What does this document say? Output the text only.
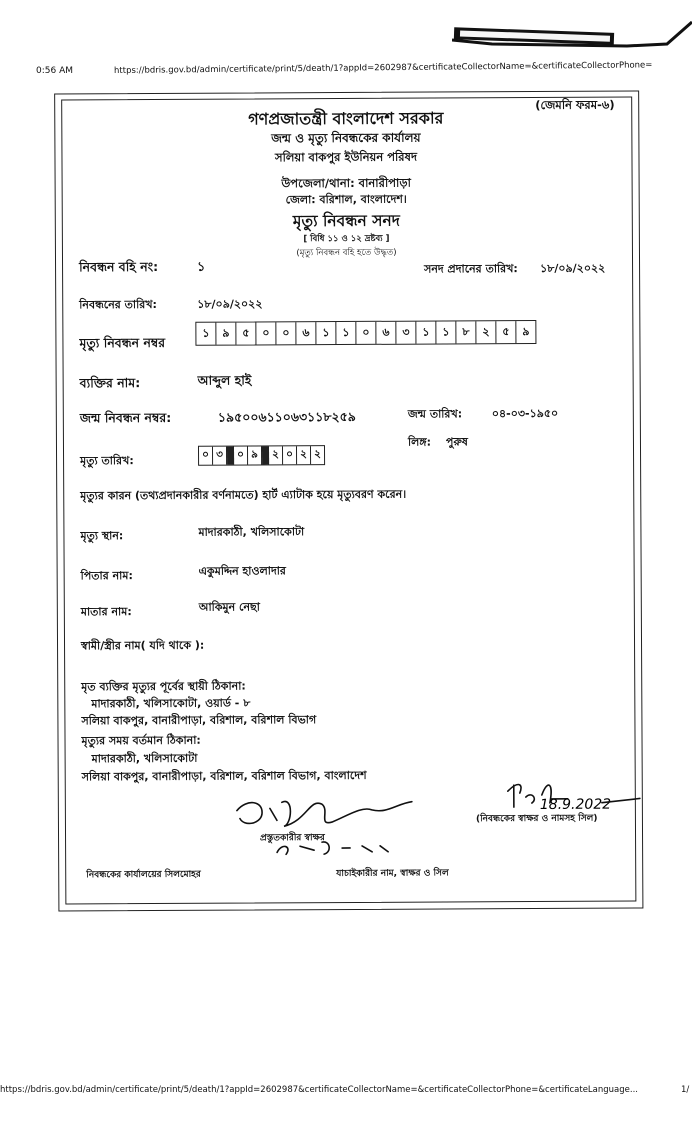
0:56 AM	https://bdris.gov.bd/admin/certificate/print/5/death/1?appId=2602987&certificateCollectorName=&certificateCollectorPhone=
(জেমনি ফরম-৬)
গণপ্রজাতন্ত্রী বাংলাদেশ সরকার
জন্ম ও মৃত্যু নিবন্ধকের কার্যালয়
সলিয়া বাকপুর ইউনিয়ন পরিষদ
উপজেলা/থানা: বানারীপাড়া
জেলা: বরিশাল, বাংলাদেশ।
মৃত্যু নিবন্ধন সনদ
[ বিধি ১১ ও ১২ দ্রষ্টব্য ]
(মৃত্যু নিবন্ধন বহি হতে উদ্ধৃত)
নিবন্ধন বহি নং:	১	সনদ প্রদানের তারিখ: ১৮/০৯/২০২২
নিবন্ধনের তারিখ:	১৮/০৯/২০২২
মৃত্যু নিবন্ধন নম্বর
১	৯	৫	০	০	৬	১	১	০	৬	৩	১	১	৮	২	৫	৯
ব্যক্তির নাম:	আব্দুল হাই
জন্ম নিবন্ধন নম্বর:	১৯৫০০৬১১০৬৩১১৮২৫৯	জন্ম তারিখ:	০৪-০৩-১৯৫০
লিঙ্গ: পুরুষ
মৃত্যু তারিখ:	০ ৩	০ ৯	২ ০ ২ ২
মৃত্যুর কারন (তথ্যপ্রদানকারীর বর্ণনামতে) হার্ট এ্যাটাক হয়ে মৃত্যুবরণ করেন।
মৃত্যু স্থান:	মাদারকাঠী, খলিসাকোটা
পিতার নাম:	একুমদ্দিন হাওলাদার
মাতার নাম:	আকিমুন নেছা
স্বামী/স্ত্রীর নাম( যদি থাকে ):
মৃত ব্যক্তির মৃত্যুর পূর্বের স্থায়ী ঠিকানা:
মাদারকাঠী, খলিসাকোটা, ওয়ার্ড - ৮
সলিয়া বাকপুর, বানারীপাড়া, বরিশাল, বরিশাল বিভাগ
মৃত্যুর সময় বর্তমান ঠিকানা:
মাদারকাঠী, খলিসাকোটা
সলিয়া বাকপুর, বানারীপাড়া, বরিশাল, বরিশাল বিভাগ, বাংলাদেশ
প্রস্তুতকারীর স্বাক্ষর
18.9.2022
(নিবন্ধকের স্বাক্ষর ও নামসহ সিল)
নিবন্ধকের কার্যালয়ের সিলমোহর	যাচাইকারীর নাম, স্বাক্ষর ও সিল
https://bdris.gov.bd/admin/certificate/print/5/death/1?appId=2602987&certificateCollectorName=&certificateCollectorPhone=&certificateLanguage...	1/
